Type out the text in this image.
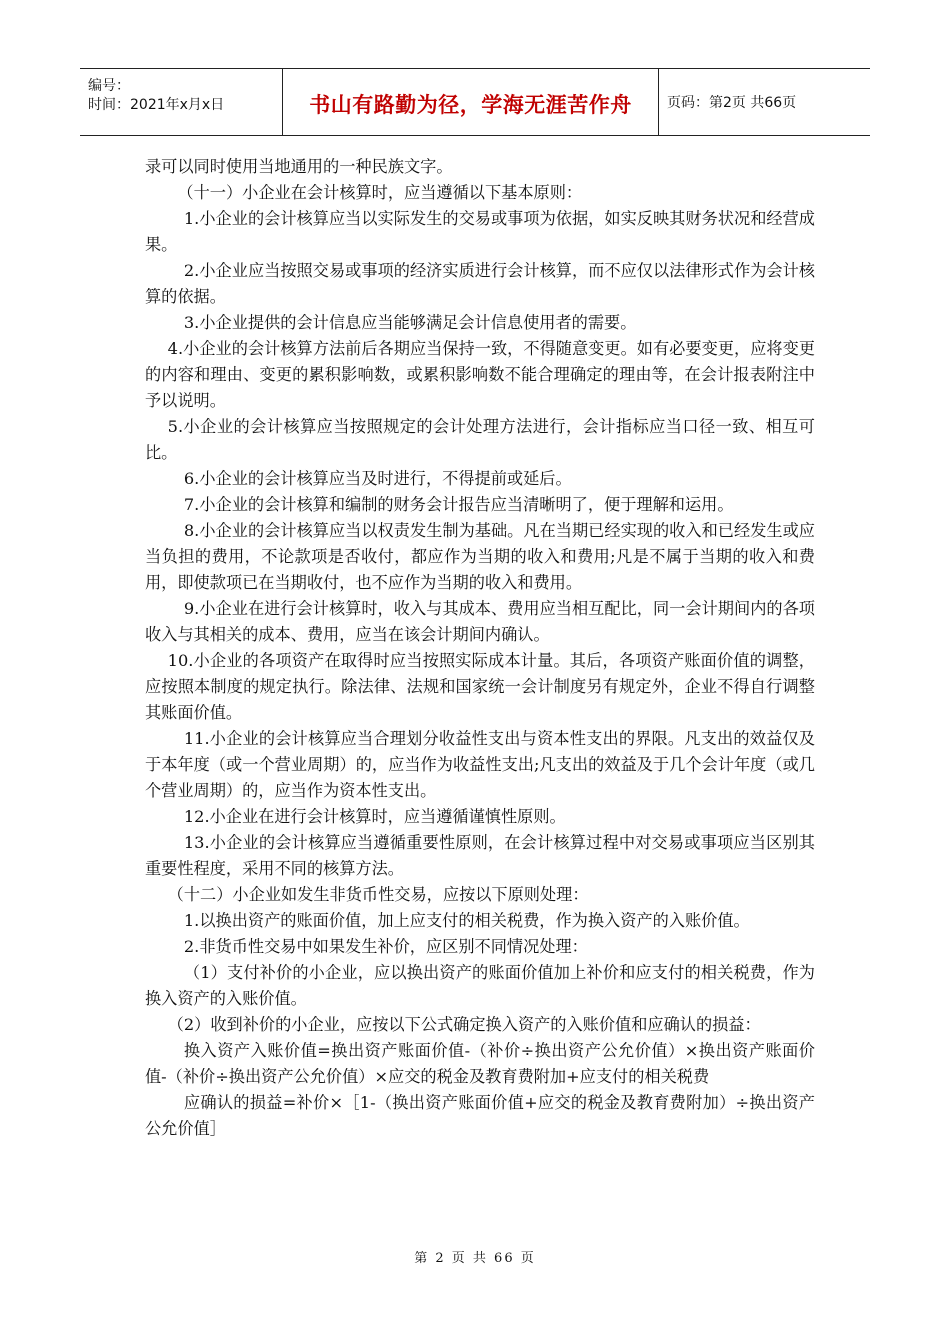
编号：
时间：2021年x月x日	书山有路勤为径，学海无涯苦作舟	页码：第2页 共66页

录可以同时使用当地通用的一种民族文字。

（十一）小企业在会计核算时，应当遵循以下基本原则：

1.小企业的会计核算应当以实际发生的交易或事项为依据，如实反映其财务状况和经营成果。

2.小企业应当按照交易或事项的经济实质进行会计核算，而不应仅以法律形式作为会计核算的依据。

3.小企业提供的会计信息应当能够满足会计信息使用者的需要。

4.小企业的会计核算方法前后各期应当保持一致，不得随意变更。如有必要变更，应将变更的内容和理由、变更的累积影响数，或累积影响数不能合理确定的理由等，在会计报表附注中予以说明。

5.小企业的会计核算应当按照规定的会计处理方法进行，会计指标应当口径一致、相互可比。

6.小企业的会计核算应当及时进行，不得提前或延后。

7.小企业的会计核算和编制的财务会计报告应当清晰明了，便于理解和运用。

8.小企业的会计核算应当以权责发生制为基础。凡在当期已经实现的收入和已经发生或应当负担的费用，不论款项是否收付，都应作为当期的收入和费用;凡是不属于当期的收入和费用，即使款项已在当期收付，也不应作为当期的收入和费用。

9.小企业在进行会计核算时，收入与其成本、费用应当相互配比，同一会计期间内的各项收入与其相关的成本、费用，应当在该会计期间内确认。

10.小企业的各项资产在取得时应当按照实际成本计量。其后，各项资产账面价值的调整，应按照本制度的规定执行。除法律、法规和国家统一会计制度另有规定外，企业不得自行调整其账面价值。

11.小企业的会计核算应当合理划分收益性支出与资本性支出的界限。凡支出的效益仅及于本年度（或一个营业周期）的，应当作为收益性支出;凡支出的效益及于几个会计年度（或几个营业周期）的，应当作为资本性支出。

12.小企业在进行会计核算时，应当遵循谨慎性原则。

13.小企业的会计核算应当遵循重要性原则，在会计核算过程中对交易或事项应当区别其重要性程度，采用不同的核算方法。

（十二）小企业如发生非货币性交易，应按以下原则处理：

1.以换出资产的账面价值，加上应支付的相关税费，作为换入资产的入账价值。

2.非货币性交易中如果发生补价，应区别不同情况处理：

（1）支付补价的小企业，应以换出资产的账面价值加上补价和应支付的相关税费，作为换入资产的入账价值。

（2）收到补价的小企业，应按以下公式确定换入资产的入账价值和应确认的损益：

换入资产入账价值=换出资产账面价值-（补价÷换出资产公允价值）×换出资产账面价值-（补价÷换出资产公允价值）×应交的税金及教育费附加+应支付的相关税费

应确认的损益=补价×［1-（换出资产账面价值+应交的税金及教育费附加）÷换出资产公允价值］

第 2 页 共 66 页
